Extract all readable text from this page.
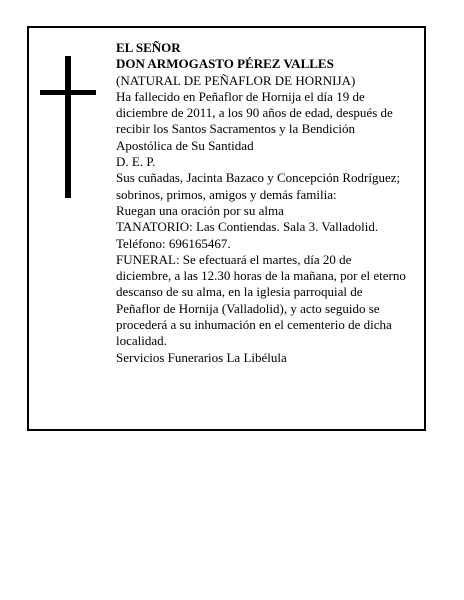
EL SEÑOR
DON ARMOGASTO PÉREZ VALLES
(NATURAL DE PEÑAFLOR DE HORNIJA)
Ha fallecido en Peñaflor de Hornija el día 19 de
diciembre de 2011, a los 90 años de edad, después de
recibir los Santos Sacramentos y la Bendición
Apostólica de Su Santidad
D. E. P.
Sus cuñadas, Jacinta Bazaco y Concepción Rodríguez;
sobrinos, primos, amigos y demás familia:
Ruegan una oración por su alma
TANATORIO: Las Contiendas. Sala 3. Valladolid.
Teléfono: 696165467.
FUNERAL: Se efectuará el martes, día 20 de
diciembre, a las 12.30 horas de la mañana, por el eterno
descanso de su alma, en la iglesia parroquial de
Peñaflor de Hornija (Valladolid), y acto seguido se
procederá a su inhumación en el cementerio de dicha
localidad.
Servicios Funerarios La Libélula
